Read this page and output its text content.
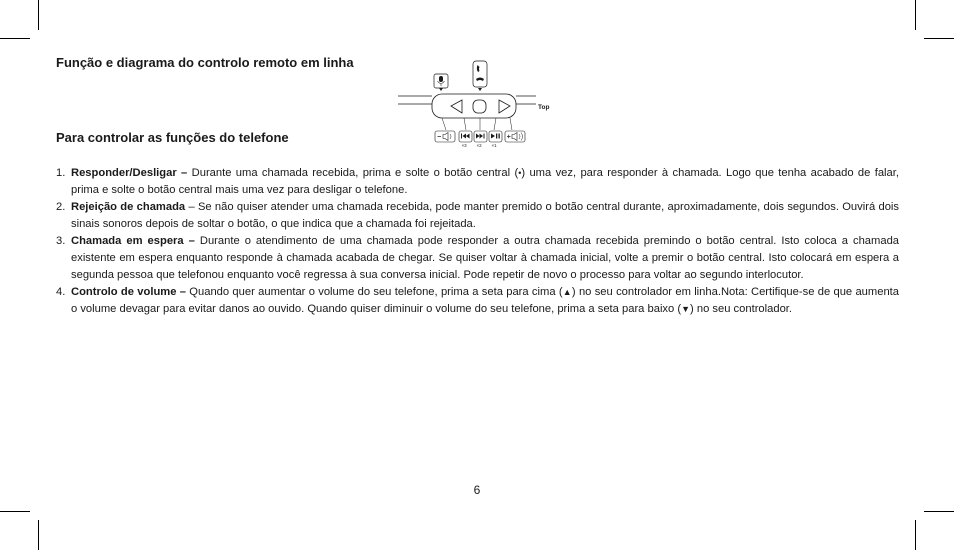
Função e diagrama do controlo remoto em linha
Para controlar as funções do telefone
Top
×3 ×2 ×1
1. Responder/Desligar – Durante uma chamada recebida, prima e solte o botão central (•) uma vez, para responder à chamada. Logo que tenha acabado de falar, prima e solte o botão central mais uma vez para desligar o telefone.
2. Rejeição de chamada – Se não quiser atender uma chamada recebida, pode manter premido o botão central durante, aproximadamente, dois segundos. Ouvirá dois sinais sonoros depois de soltar o botão, o que indica que a chamada foi rejeitada.
3. Chamada em espera – Durante o atendimento de uma chamada pode responder a outra chamada recebida premindo o botão central. Isto coloca a chamada existente em espera enquanto responde à chamada acabada de chegar. Se quiser voltar à chamada inicial, volte a premir o botão central. Isto colocará em espera a segunda pessoa que telefonou enquanto você regressa à sua conversa inicial. Pode repetir de novo o processo para voltar ao segundo interlocutor.
4. Controlo de volume – Quando quer aumentar o volume do seu telefone, prima a seta para cima (▲) no seu controlador em linha.Nota: Certifique-se de que aumenta o volume devagar para evitar danos ao ouvido. Quando quiser diminuir o volume do seu telefone, prima a seta para baixo (▼) no seu controlador.
6
